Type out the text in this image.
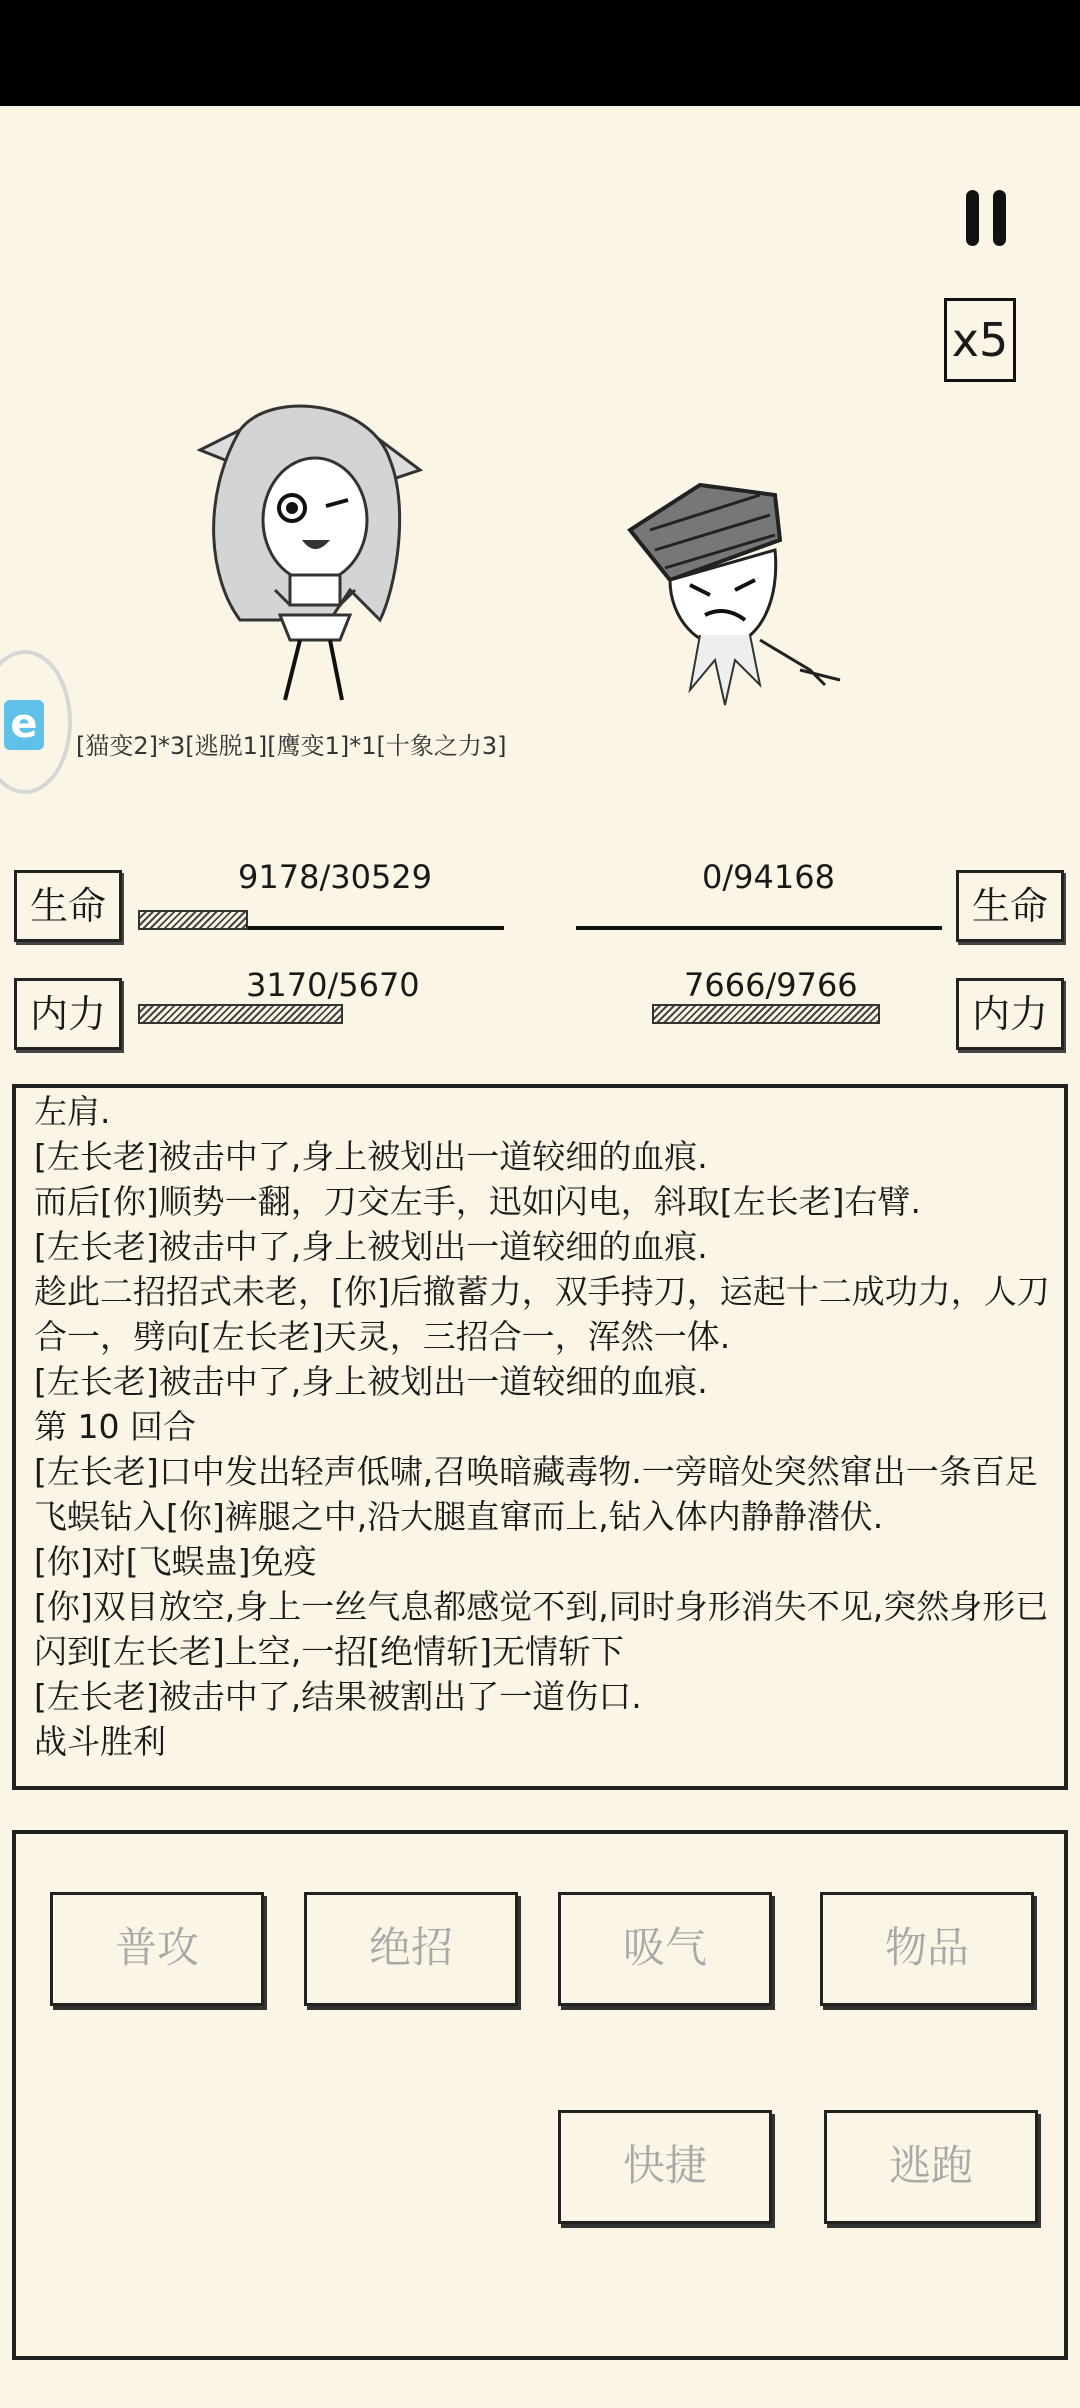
x5
e [猫变2]*3[逃脱1][鹰变1]*1[十象之力3]
生命
9178/30529
生命
0/94168
内力
3170/5670
内力
7666/9766
左肩.
[左长老]被击中了,身上被划出一道较细的血痕.
而后[你]顺势一翻，刀交左手，迅如闪电，斜取[左长老]右臂.
[左长老]被击中了,身上被划出一道较细的血痕.
趁此二招招式未老，[你]后撤蓄力，双手持刀，运起十二成功力，人刀合一，劈向[左长老]天灵，三招合一，浑然一体.
[左长老]被击中了,身上被划出一道较细的血痕.
第 10 回合
[左长老]口中发出轻声低啸,召唤暗藏毒物.一旁暗处突然窜出一条百足飞蜈钻入[你]裤腿之中,沿大腿直窜而上,钻入体内静静潜伏.
[你]对[飞蜈蛊]免疫
[你]双目放空,身上一丝气息都感觉不到,同时身形消失不见,突然身形已闪到[左长老]上空,一招[绝情斩]无情斩下
[左长老]被击中了,结果被割出了一道伤口.
战斗胜利
普攻	绝招	吸气	物品
快捷	逃跑
